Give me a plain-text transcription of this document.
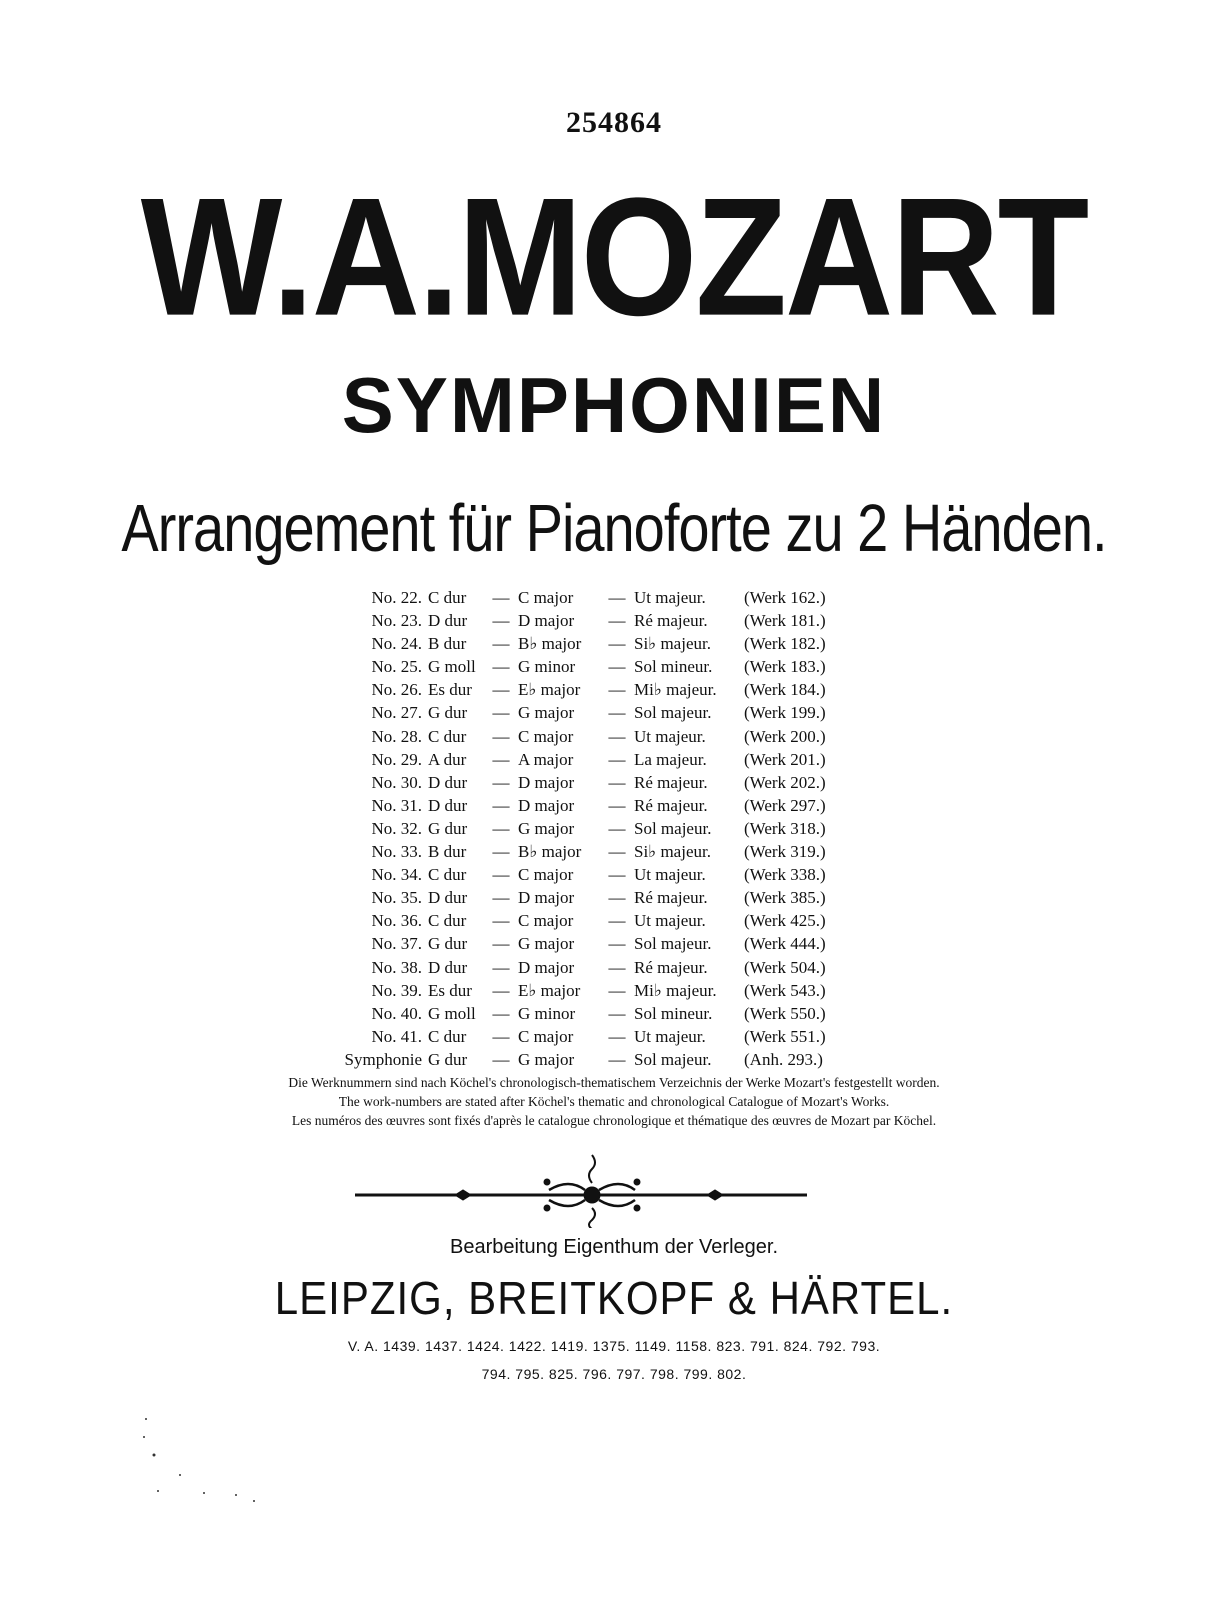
254864
W.A.MOZART
SYMPHONIEN
Arrangement für Pianoforte zu 2 Händen.
No. 22.	C dur	—	C major	—	Ut majeur.	(Werk 162.)
No. 23.	D dur	—	D major	—	Ré majeur.	(Werk 181.)
No. 24.	B dur	—	B♭ major	—	Si♭ majeur.	(Werk 182.)
No. 25.	G moll	—	G minor	—	Sol mineur.	(Werk 183.)
No. 26.	Es dur	—	E♭ major	—	Mi♭ majeur.	(Werk 184.)
No. 27.	G dur	—	G major	—	Sol majeur.	(Werk 199.)
No. 28.	C dur	—	C major	—	Ut majeur.	(Werk 200.)
No. 29.	A dur	—	A major	—	La majeur.	(Werk 201.)
No. 30.	D dur	—	D major	—	Ré majeur.	(Werk 202.)
No. 31.	D dur	—	D major	—	Ré majeur.	(Werk 297.)
No. 32.	G dur	—	G major	—	Sol majeur.	(Werk 318.)
No. 33.	B dur	—	B♭ major	—	Si♭ majeur.	(Werk 319.)
No. 34.	C dur	—	C major	—	Ut majeur.	(Werk 338.)
No. 35.	D dur	—	D major	—	Ré majeur.	(Werk 385.)
No. 36.	C dur	—	C major	—	Ut majeur.	(Werk 425.)
No. 37.	G dur	—	G major	—	Sol majeur.	(Werk 444.)
No. 38.	D dur	—	D major	—	Ré majeur.	(Werk 504.)
No. 39.	Es dur	—	E♭ major	—	Mi♭ majeur.	(Werk 543.)
No. 40.	G moll	—	G minor	—	Sol mineur.	(Werk 550.)
No. 41.	C dur	—	C major	—	Ut majeur.	(Werk 551.)
Symphonie	G dur	—	G major	—	Sol majeur.	(Anh. 293.)
Die Werknummern sind nach Köchel's chronologisch-thematischem Verzeichnis der Werke Mozart's festgestellt worden.
The work-numbers are stated after Köchel's thematic and chronological Catalogue of Mozart's Works.
Les numéros des œuvres sont fixés d'après le catalogue chronologique et thématique des œuvres de Mozart par Köchel.
Bearbeitung Eigenthum der Verleger.
LEIPZIG, BREITKOPF & HÄRTEL.
V. A. 1439. 1437. 1424. 1422. 1419. 1375. 1149. 1158. 823. 791. 824. 792. 793.
794. 795. 825. 796. 797. 798. 799. 802.
